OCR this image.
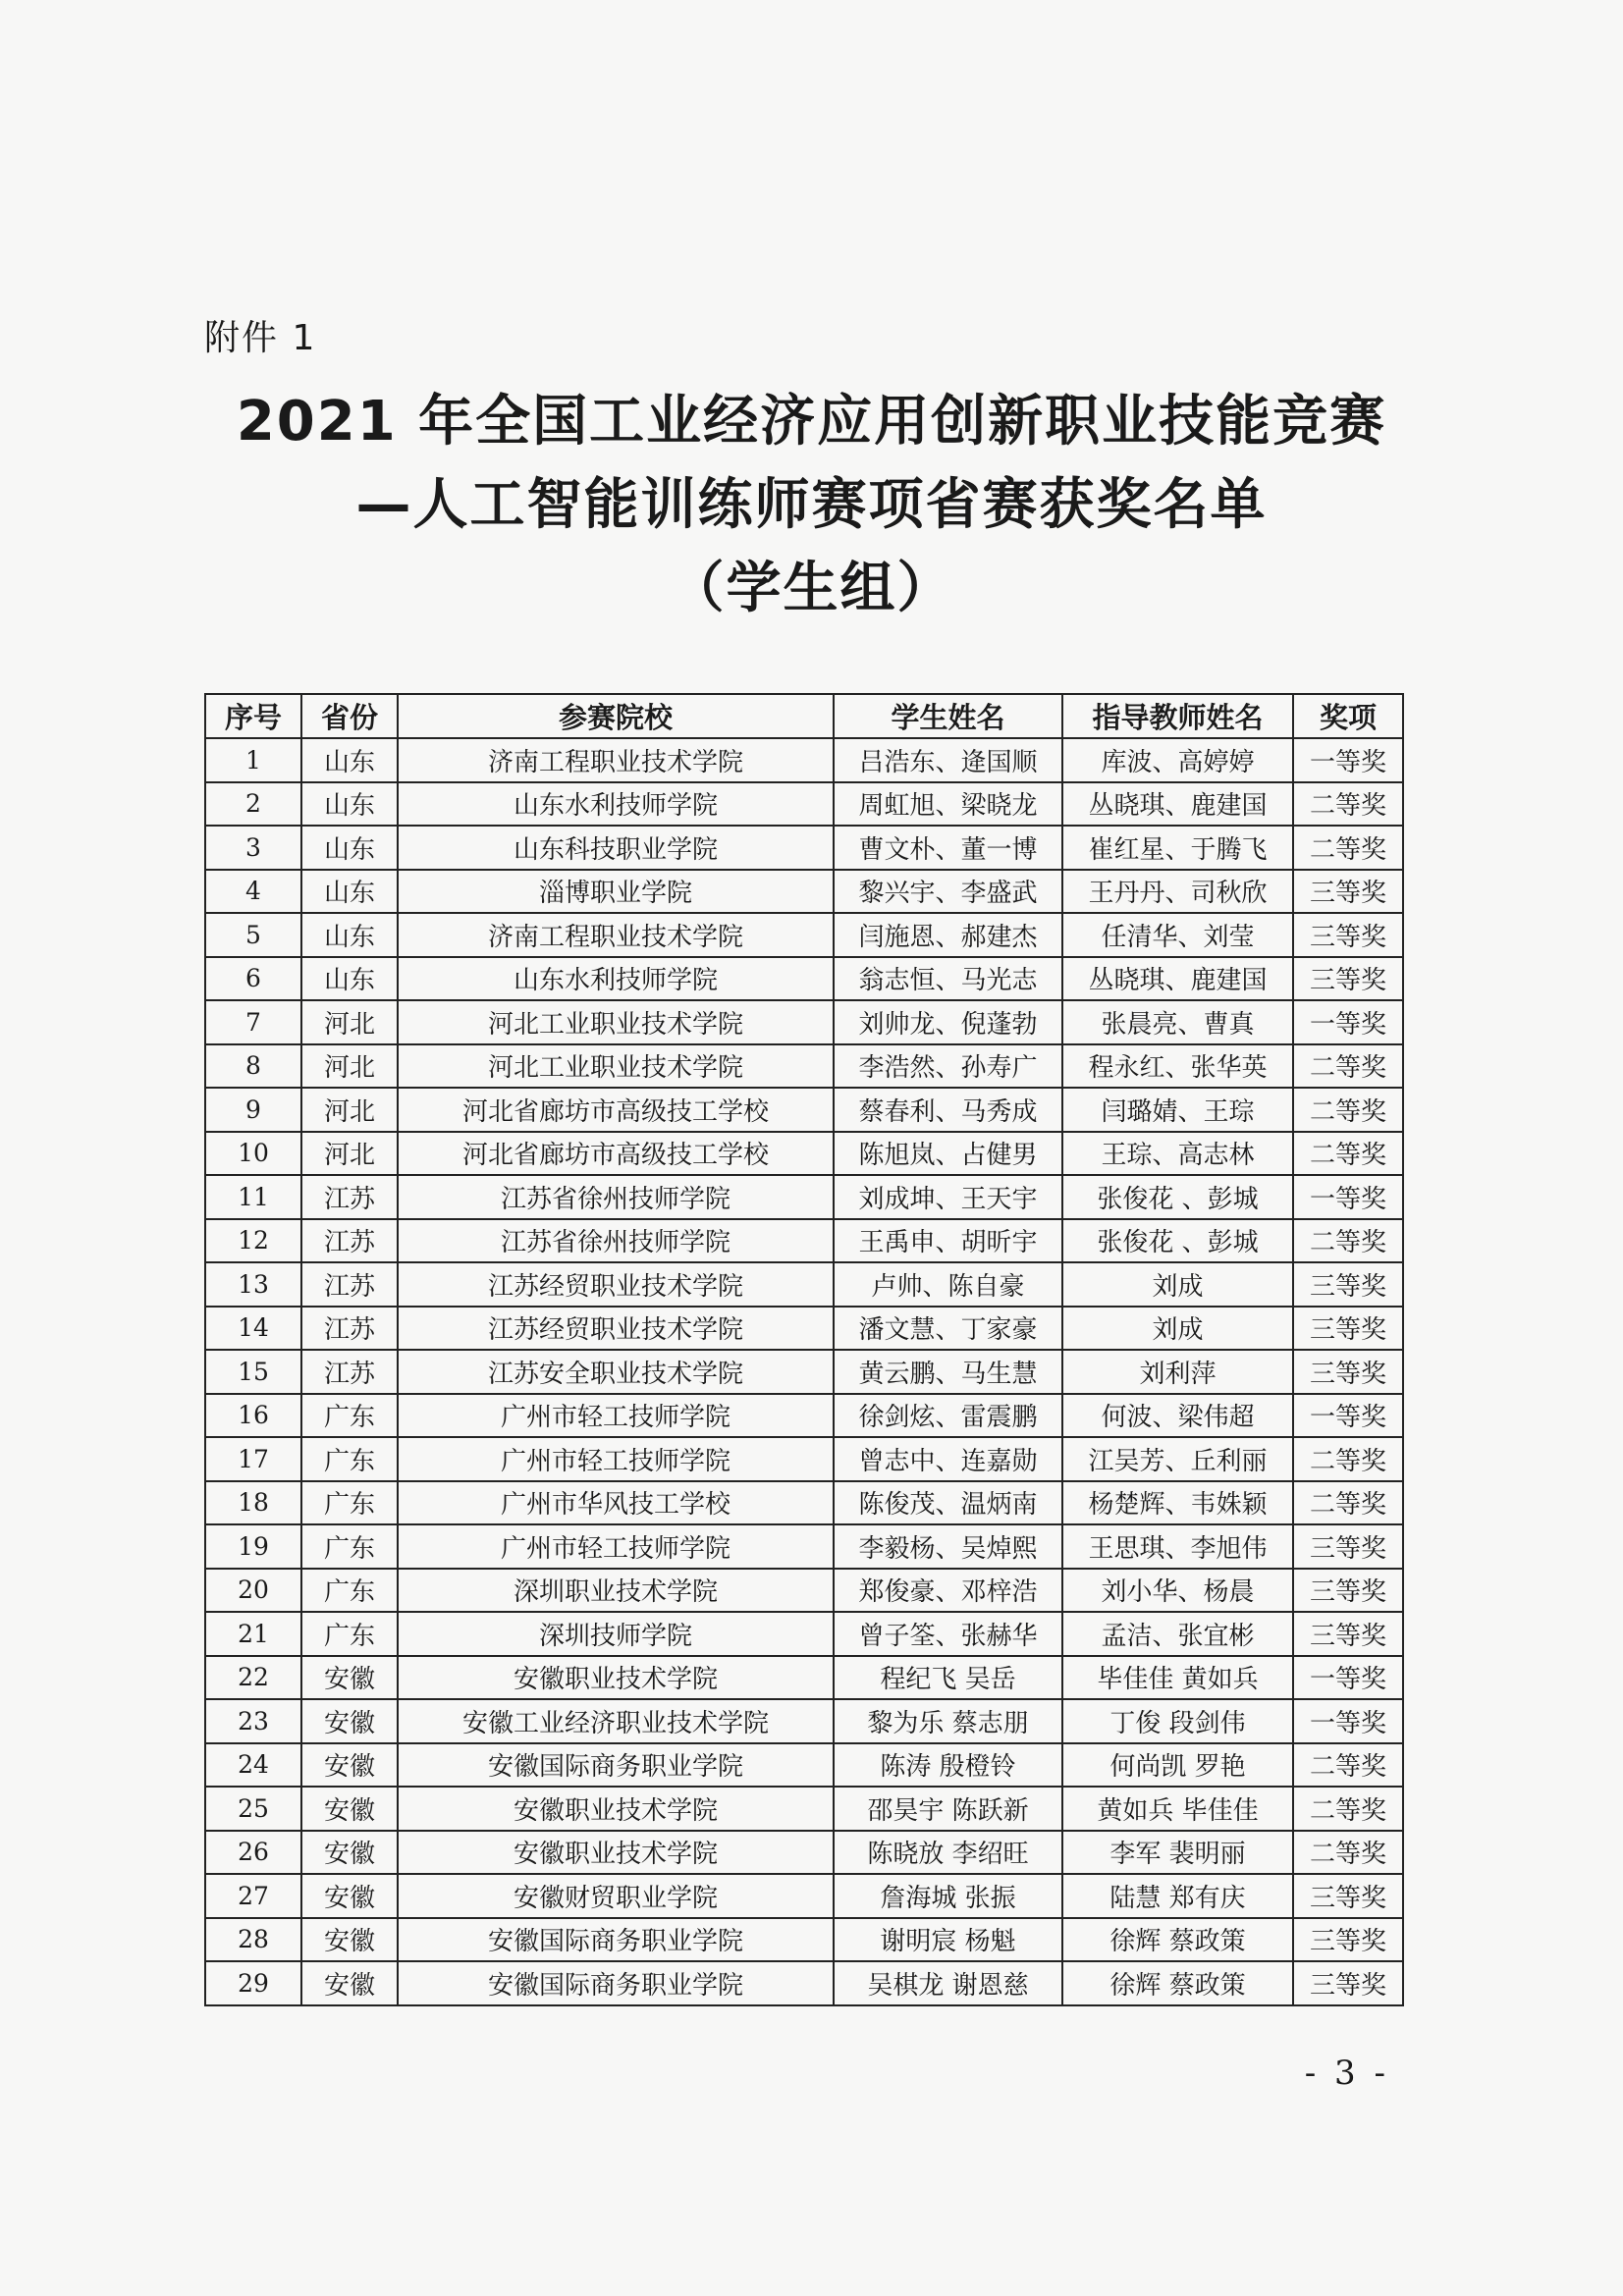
附件 1
2021 年全国工业经济应用创新职业技能竞赛
—人工智能训练师赛项省赛获奖名单
（学生组）
序号	省份	参赛院校	学生姓名	指导教师姓名	奖项
1	山东	济南工程职业技术学院	吕浩东、逄国顺	库波、高婷婷	一等奖
2	山东	山东水利技师学院	周虹旭、梁晓龙	丛晓琪、鹿建国	二等奖
3	山东	山东科技职业学院	曹文朴、董一博	崔红星、于腾飞	二等奖
4	山东	淄博职业学院	黎兴宇、李盛武	王丹丹、司秋欣	三等奖
5	山东	济南工程职业技术学院	闫施恩、郝建杰	任清华、刘莹	三等奖
6	山东	山东水利技师学院	翁志恒、马光志	丛晓琪、鹿建国	三等奖
7	河北	河北工业职业技术学院	刘帅龙、倪蓬勃	张晨亮、曹真	一等奖
8	河北	河北工业职业技术学院	李浩然、孙寿广	程永红、张华英	二等奖
9	河北	河北省廊坊市高级技工学校	蔡春利、马秀成	闫璐婧、王琮	二等奖
10	河北	河北省廊坊市高级技工学校	陈旭岚、占健男	王琮、高志林	二等奖
11	江苏	江苏省徐州技师学院	刘成坤、王天宇	张俊花 、彭城	一等奖
12	江苏	江苏省徐州技师学院	王禹申、胡昕宇	张俊花 、彭城	二等奖
13	江苏	江苏经贸职业技术学院	卢帅、陈自豪	刘成	三等奖
14	江苏	江苏经贸职业技术学院	潘文慧、丁家豪	刘成	三等奖
15	江苏	江苏安全职业技术学院	黄云鹏、马生慧	刘利萍	三等奖
16	广东	广州市轻工技师学院	徐剑炫、雷震鹏	何波、梁伟超	一等奖
17	广东	广州市轻工技师学院	曾志中、连嘉勋	江吴芳、丘利丽	二等奖
18	广东	广州市华风技工学校	陈俊茂、温炳南	杨楚辉、韦姝颖	二等奖
19	广东	广州市轻工技师学院	李毅杨、吴焯熙	王思琪、李旭伟	三等奖
20	广东	深圳职业技术学院	郑俊豪、邓梓浩	刘小华、杨晨	三等奖
21	广东	深圳技师学院	曾子筌、张赫华	孟洁、张宜彬	三等奖
22	安徽	安徽职业技术学院	程纪飞 吴岳	毕佳佳 黄如兵	一等奖
23	安徽	安徽工业经济职业技术学院	黎为乐 蔡志朋	丁俊 段剑伟	一等奖
24	安徽	安徽国际商务职业学院	陈涛 殷橙铃	何尚凯 罗艳	二等奖
25	安徽	安徽职业技术学院	邵昊宇 陈跃新	黄如兵 毕佳佳	二等奖
26	安徽	安徽职业技术学院	陈晓放 李绍旺	李军 裴明丽	二等奖
27	安徽	安徽财贸职业学院	詹海城 张振	陆慧 郑有庆	三等奖
28	安徽	安徽国际商务职业学院	谢明宸 杨魁	徐辉 蔡政策	三等奖
29	安徽	安徽国际商务职业学院	吴棋龙 谢恩慈	徐辉 蔡政策	三等奖
- 3 -
